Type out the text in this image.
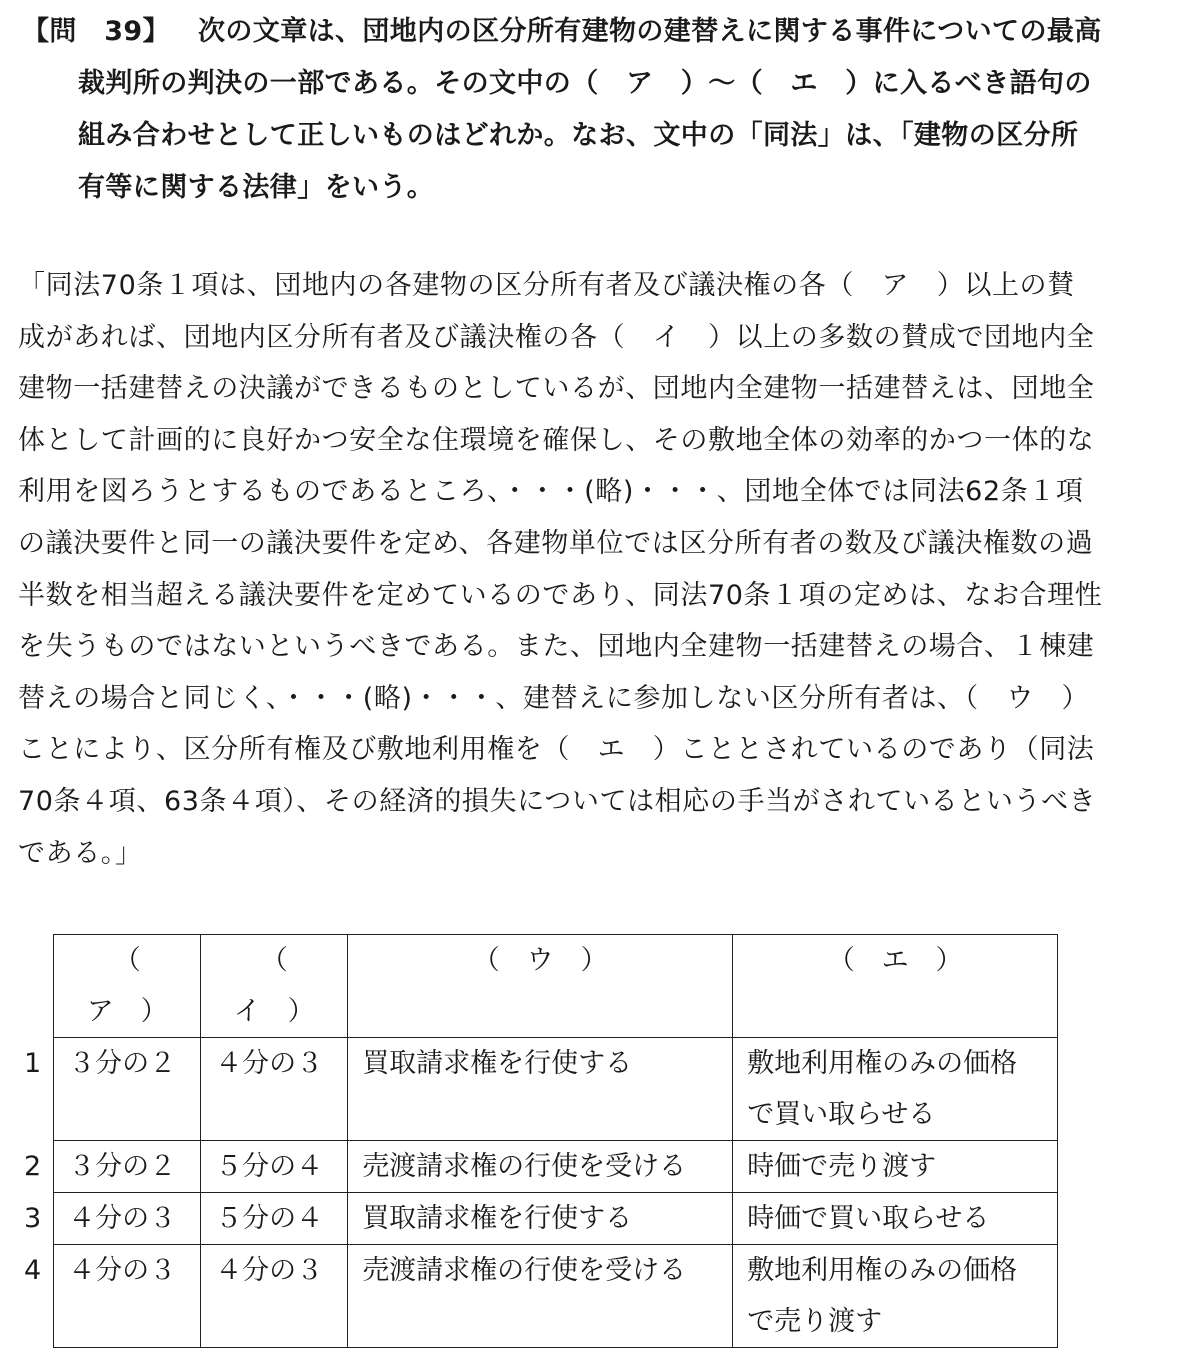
【問　39】 次の文章は、団地内の区分所有建物の建替えに関する事件についての最高
裁判所の判決の一部である。その文中の（　ア　）～（　エ　）に入るべき語句の
組み合わせとして正しいものはどれか。なお、文中の「同法」は、「建物の区分所
有等に関する法律」をいう。
「同法70条１項は、団地内の各建物の区分所有者及び議決権の各（　ア　）以上の賛
成があれば、団地内区分所有者及び議決権の各（　イ　）以上の多数の賛成で団地内全
建物一括建替えの決議ができるものとしているが、団地内全建物一括建替えは、団地全
体として計画的に良好かつ安全な住環境を確保し、その敷地全体の効率的かつ一体的な
利用を図ろうとするものであるところ、・・・(略)・・・、団地全体では同法62条１項
の議決要件と同一の議決要件を定め、各建物単位では区分所有者の数及び議決権数の過
半数を相当超える議決要件を定めているのであり、同法70条１項の定めは、なお合理性
を失うものではないというべきである。また、団地内全建物一括建替えの場合、１棟建
替えの場合と同じく、・・・(略)・・・、建替えに参加しない区分所有者は、（　ウ　）
ことにより、区分所有権及び敷地利用権を（　エ　）こととされているのであり（同法
70条４項、63条４項）、その経済的損失については相応の手当がされているというべき
である。」
	（　ア　）	（　イ　）	（　ウ　）	（　エ　）
1	３分の２	４分の３	買取請求権を行使する	敷地利用権のみの価格
で買い取らせる

2	３分の２	５分の４	売渡請求権の行使を受ける	時価で売り渡す

3	４分の３	５分の４	買取請求権を行使する	時価で買い取らせる

4	４分の３	４分の３	売渡請求権の行使を受ける	敷地利用権のみの価格
で売り渡す
